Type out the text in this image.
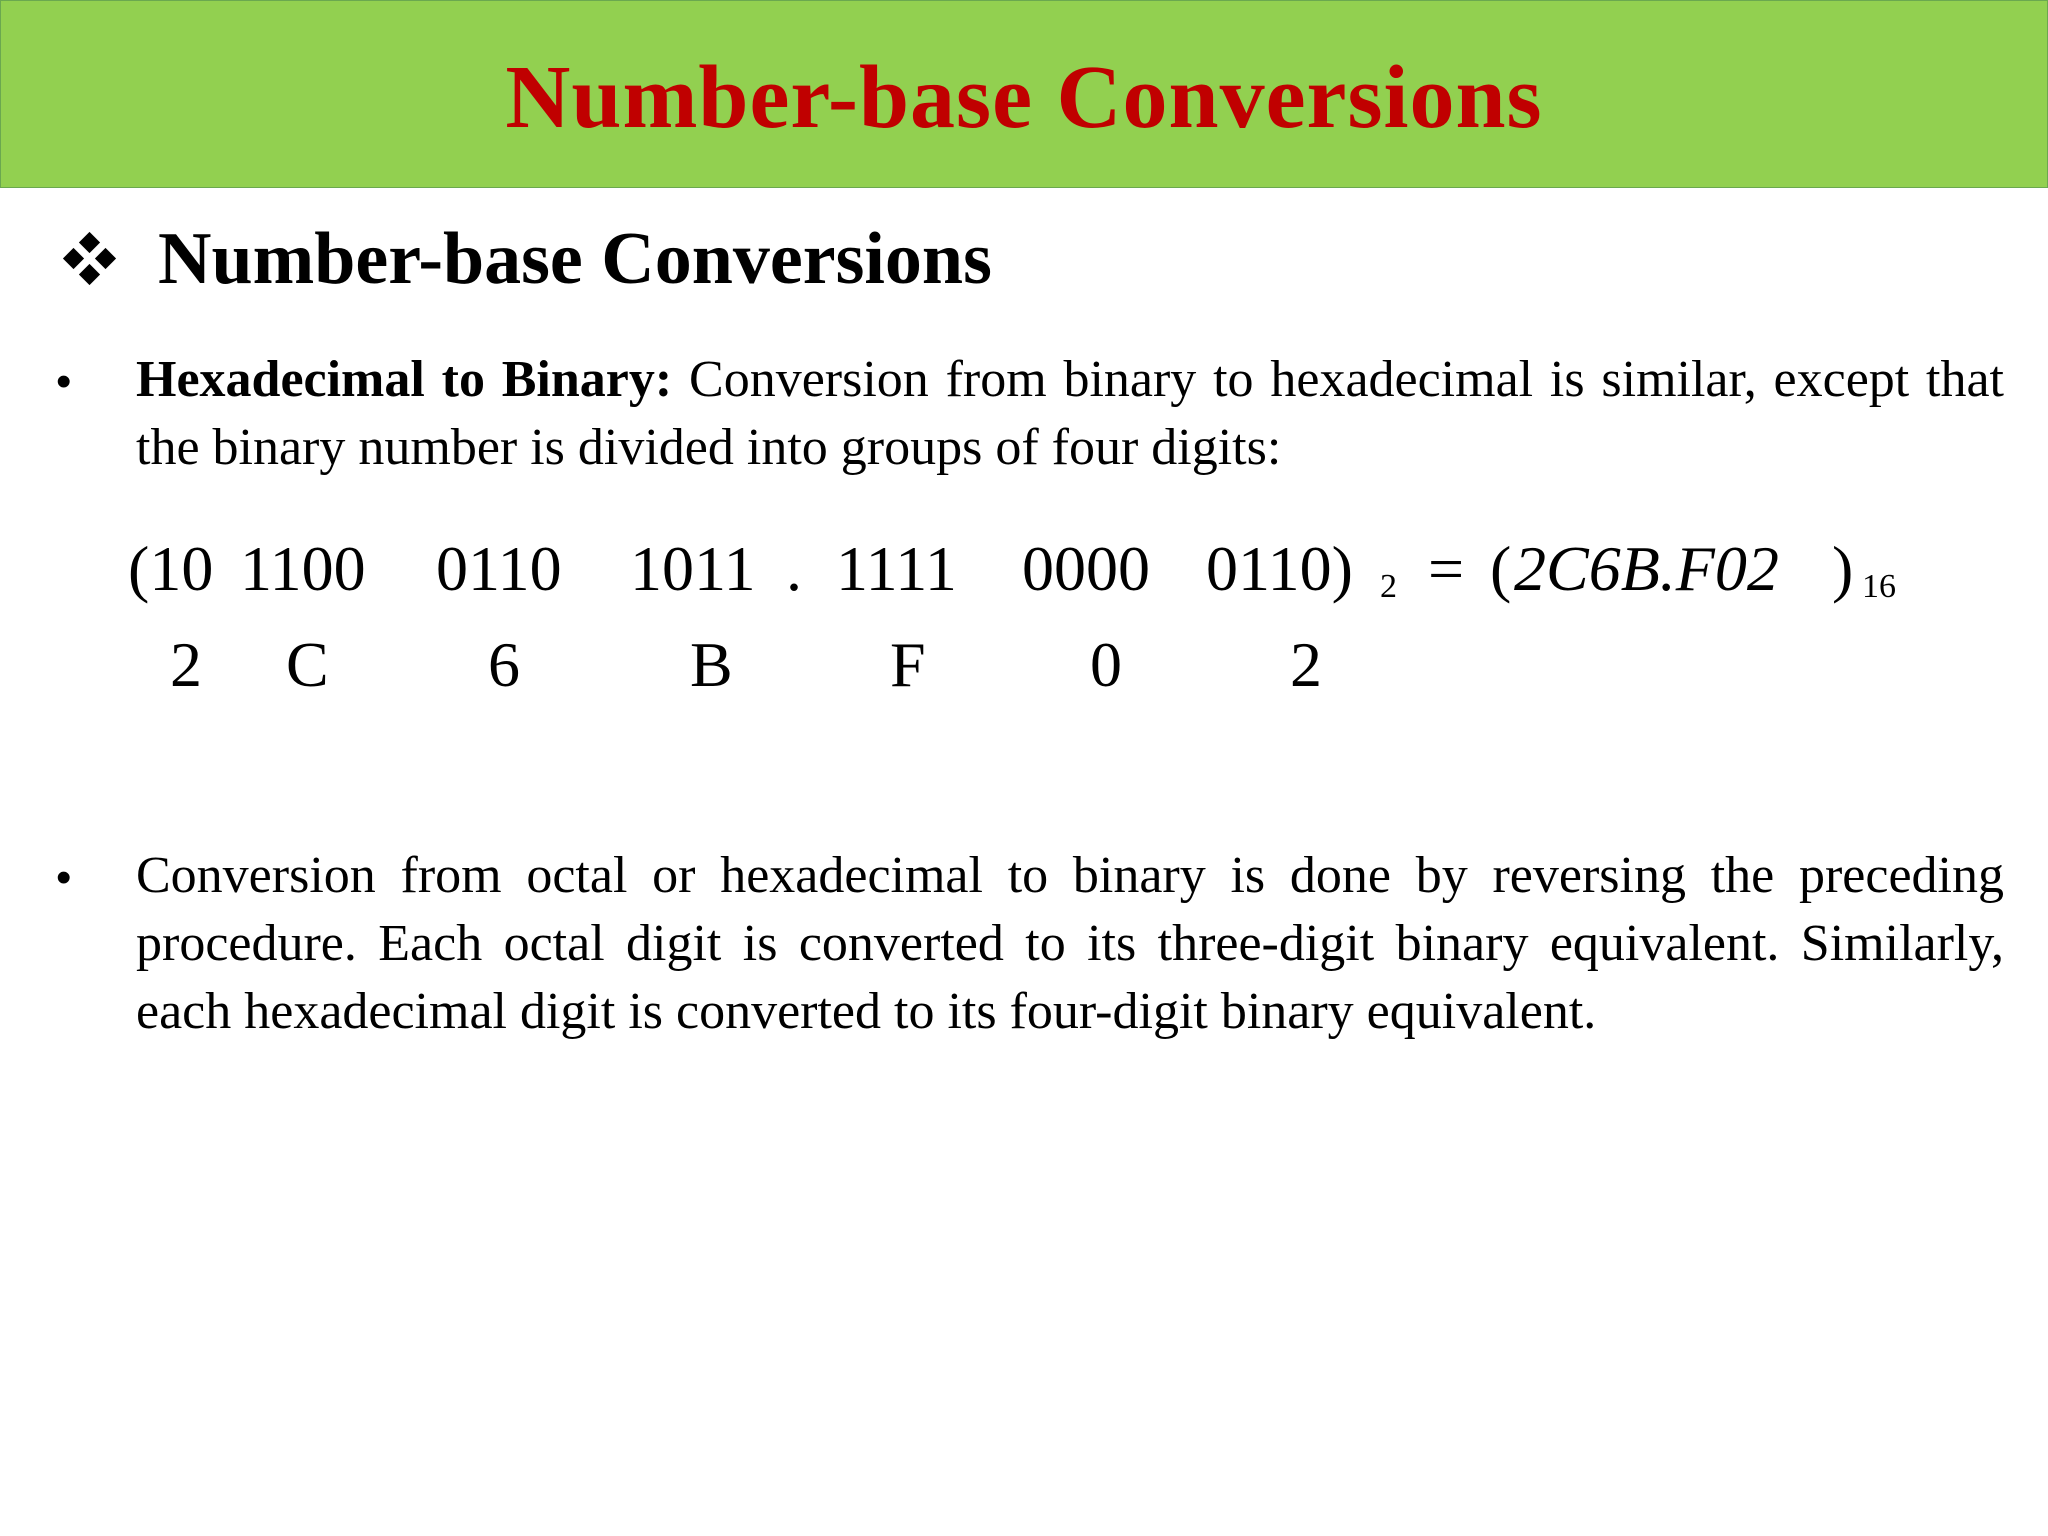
Number-base Conversions
Number-base Conversions
•

Hexadecimal to Binary: Conversion from binary to hexadecimal is similar, except that the binary number is divided into groups of four digits:

(10 1100 0110 1011 . 1111 0000 0110) 2 = ( 2C6B.F02 ) 16
2 C 6	B F	0	2
•

Conversion from octal or hexadecimal to binary is done by reversing the preceding procedure. Each octal digit is converted to its three-digit binary equivalent. Similarly, each hexadecimal digit is converted to its four-digit binary equivalent.
